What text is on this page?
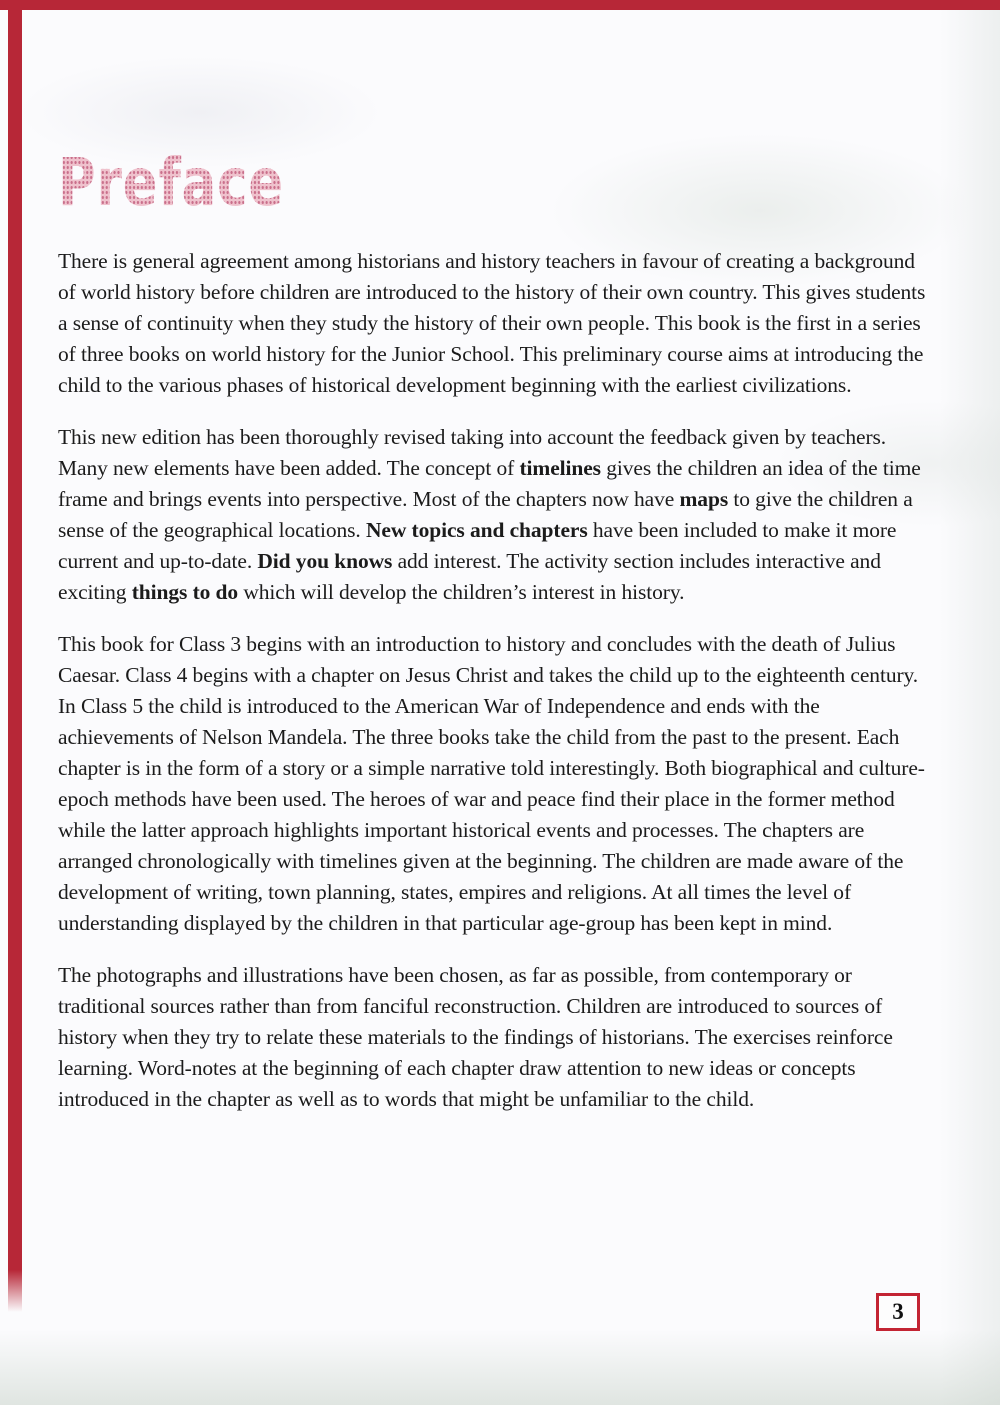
Preface

There is general agreement among historians and history teachers in favour of creating a background of world history before children are introduced to the history of their own country. This gives students a sense of continuity when they study the history of their own people. This book is the first in a series of three books on world history for the Junior School. This preliminary course aims at introducing the child to the various phases of historical development beginning with the earliest civilizations.

This new edition has been thoroughly revised taking into account the feedback given by teachers. Many new elements have been added. The concept of timelines gives the children an idea of the time frame and brings events into perspective. Most of the chapters now have maps to give the children a sense of the geographical locations. New topics and chapters have been included to make it more current and up-to-date. Did you knows add interest. The activity section includes interactive and exciting things to do which will develop the children’s interest in history.

This book for Class 3 begins with an introduction to history and concludes with the death of Julius Caesar. Class 4 begins with a chapter on Jesus Christ and takes the child up to the eighteenth century. In Class 5 the child is introduced to the American War of Independence and ends with the achievements of Nelson Mandela. The three books take the child from the past to the present. Each chapter is in the form of a story or a simple narrative told interestingly. Both biographical and culture-epoch methods have been used. The heroes of war and peace find their place in the former method while the latter approach highlights important historical events and processes. The chapters are arranged chronologically with timelines given at the beginning. The children are made aware of the development of writing, town planning, states, empires and religions. At all times the level of understanding displayed by the children in that particular age-group has been kept in mind.

The photographs and illustrations have been chosen, as far as possible, from contemporary or traditional sources rather than from fanciful reconstruction. Children are introduced to sources of history when they try to relate these materials to the findings of historians. The exercises reinforce learning. Word-notes at the beginning of each chapter draw attention to new ideas or concepts introduced in the chapter as well as to words that might be unfamiliar to the child.

3
